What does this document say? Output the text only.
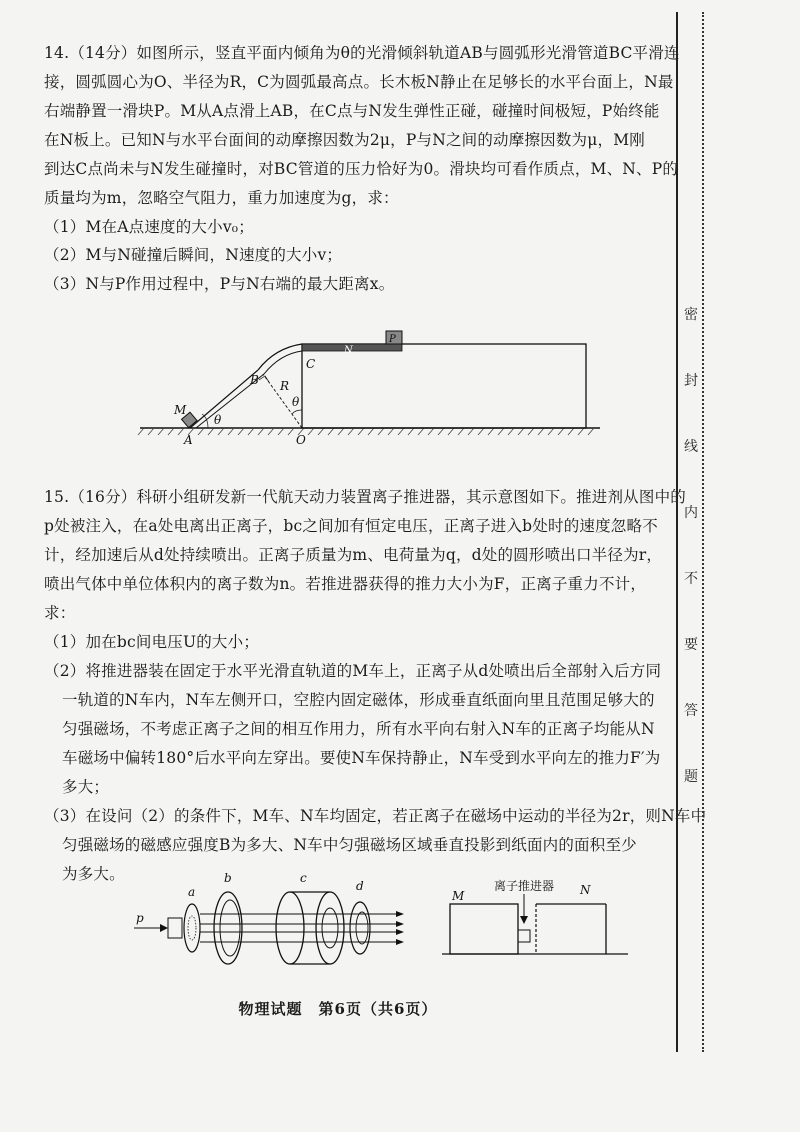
14.（14分）如图所示，竖直平面内倾角为θ的光滑倾斜轨道AB与圆弧形光滑管道BC平滑连
接，圆弧圆心为O、半径为R，C为圆弧最高点。长木板N静止在足够长的水平台面上，N最
右端静置一滑块P。M从A点滑上AB，在C点与N发生弹性正碰，碰撞时间极短，P始终能
在N板上。已知N与水平台面间的动摩擦因数为2μ，P与N之间的动摩擦因数为μ，M刚
到达C点尚未与N发生碰撞时，对BC管道的压力恰好为0。滑块均可看作质点，M、N、P的
质量均为m，忽略空气阻力，重力加速度为g，求：
（1）M在A点速度的大小v₀；
（2）M与N碰撞后瞬间，N速度的大小v；
（3）N与P作用过程中，P与N右端的最大距离x。
M
A	O
B
C
R
θ
θ
N
P
15.（16分）科研小组研发新一代航天动力装置离子推进器，其示意图如下。推进剂从图中的
p处被注入，在a处电离出正离子，bc之间加有恒定电压，正离子进入b处时的速度忽略不
计，经加速后从d处持续喷出。正离子质量为m、电荷量为q，d处的圆形喷出口半径为r，
喷出气体中单位体积内的离子数为n。若推进器获得的推力大小为F，正离子重力不计，
求：
（1）加在bc间电压U的大小；
（2）将推进器装在固定于水平光滑直轨道的M车上，正离子从d处喷出后全部射入后方同
一轨道的N车内，N车左侧开口，空腔内固定磁体，形成垂直纸面向里且范围足够大的
匀强磁场，不考虑正离子之间的相互作用力，所有水平向右射入N车的正离子均能从N
车磁场中偏转180°后水平向左穿出。要使N车保持静止，N车受到水平向左的推力F′为
多大；
（3）在设问（2）的条件下，M车、N车均固定，若正离子在磁场中运动的半径为2r，则N车中
匀强磁场的磁感应强度B为多大、N车中匀强磁场区域垂直投影到纸面内的面积至少
为多大。
p
a
b	c
d	离子推进器
M	N
物理试题　第6页（共6页）
密
封
线
内
不
要
答
题
